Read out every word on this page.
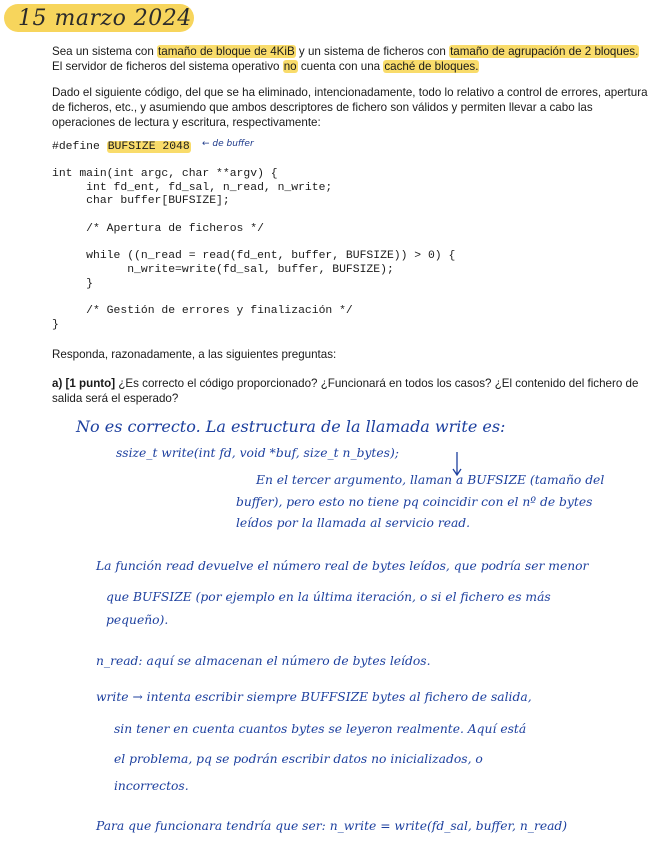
15 marzo 2024

Sea un sistema con tamaño de bloque de 4KiB y un sistema de ficheros con tamaño de agrupación de 2 bloques. El servidor de ficheros del sistema operativo no cuenta con una caché de bloques.

Dado el siguiente código, del que se ha eliminado, intencionadamente, todo lo relativo a control de errores, apertura de ficheros, etc., y asumiendo que ambos descriptores de fichero son válidos y permiten llevar a cabo las operaciones de lectura y escritura, respectivamente:

#define BUFSIZE 2048 ← de buffer
int main(int argc, char **argv) {
int fd_ent, fd_sal, n_read, n_write;
char buffer[BUFSIZE];

/* Apertura de ficheros */

while ((n_read = read(fd_ent, buffer, BUFSIZE)) > 0) {
n_write=write(fd_sal, buffer, BUFSIZE);
}

/* Gestión de errores y finalización */
}

Responda, razonadamente, a las siguientes preguntas:

a) [1 punto] ¿Es correcto el código proporcionado? ¿Funcionará en todos los casos? ¿El contenido del fichero de salida será el esperado?

No es correcto. La estructura de la llamada write es:
ssize_t write(int fd, void *buf, size_t n_bytes);
En el tercer argumento, llaman a BUFSIZE (tamaño del
buffer), pero esto no tiene pq coincidir con el nº de bytes
leídos por la llamada al servicio read.
La función read devuelve el número real de bytes leídos, que podría ser menor
que BUFSIZE (por ejemplo en la última iteración, o si el fichero es más
pequeño).
n_read: aquí se almacenan el número de bytes leídos.
write → intenta escribir siempre BUFFSIZE bytes al fichero de salida,
sin tener en cuenta cuantos bytes se leyeron realmente. Aquí está
el problema, pq se podrán escribir datos no inicializados, o
incorrectos.
Para que funcionara tendría que ser: n_write = write(fd_sal, buffer, n_read)
